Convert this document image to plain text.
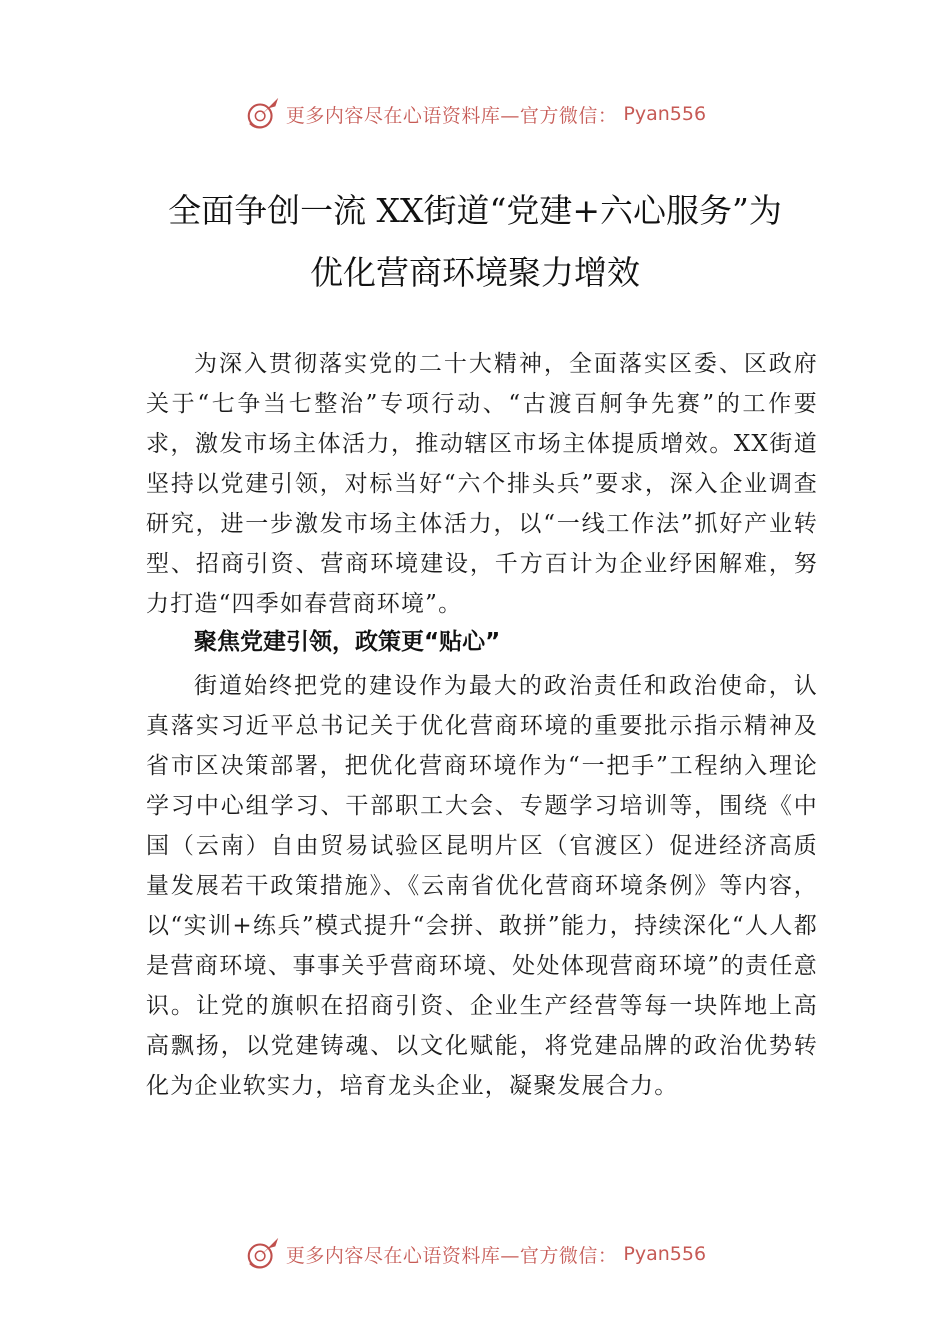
更多内容尽在心语资料库—官方微信： Pyan556
全面争创一流 XX街道“党建+六心服务”为
优化营商环境聚力增效

为深入贯彻落实党的二十大精神，全面落实区委、区政府关于“七争当七整治”专项行动、“古渡百舸争先赛”的工作要求，激发市场主体活力，推动辖区市场主体提质增效。XX街道坚持以党建引领，对标当好“六个排头兵”要求，深入企业调查研究，进一步激发市场主体活力，以“一线工作法”抓好产业转型、招商引资、营商环境建设，千方百计为企业纾困解难，努力打造“四季如春营商环境”。

聚焦党建引领，政策更“贴心”

街道始终把党的建设作为最大的政治责任和政治使命，认真落实习近平总书记关于优化营商环境的重要批示指示精神及省市区决策部署，把优化营商环境作为“一把手”工程纳入理论学习中心组学习、干部职工大会、专题学习培训等，围绕《中国（云南）自由贸易试验区昆明片区（官渡区）促进经济高质量发展若干政策措施》、《云南省优化营商环境条例》等内容，以“实训+练兵”模式提升“会拼、敢拼”能力，持续深化“人人都是营商环境、事事关乎营商环境、处处体现营商环境”的责任意识。让党的旗帜在招商引资、企业生产经营等每一块阵地上高高飘扬，以党建铸魂、以文化赋能，将党建品牌的政治优势转化为企业软实力，培育龙头企业，凝聚发展合力。

更多内容尽在心语资料库—官方微信： Pyan556
